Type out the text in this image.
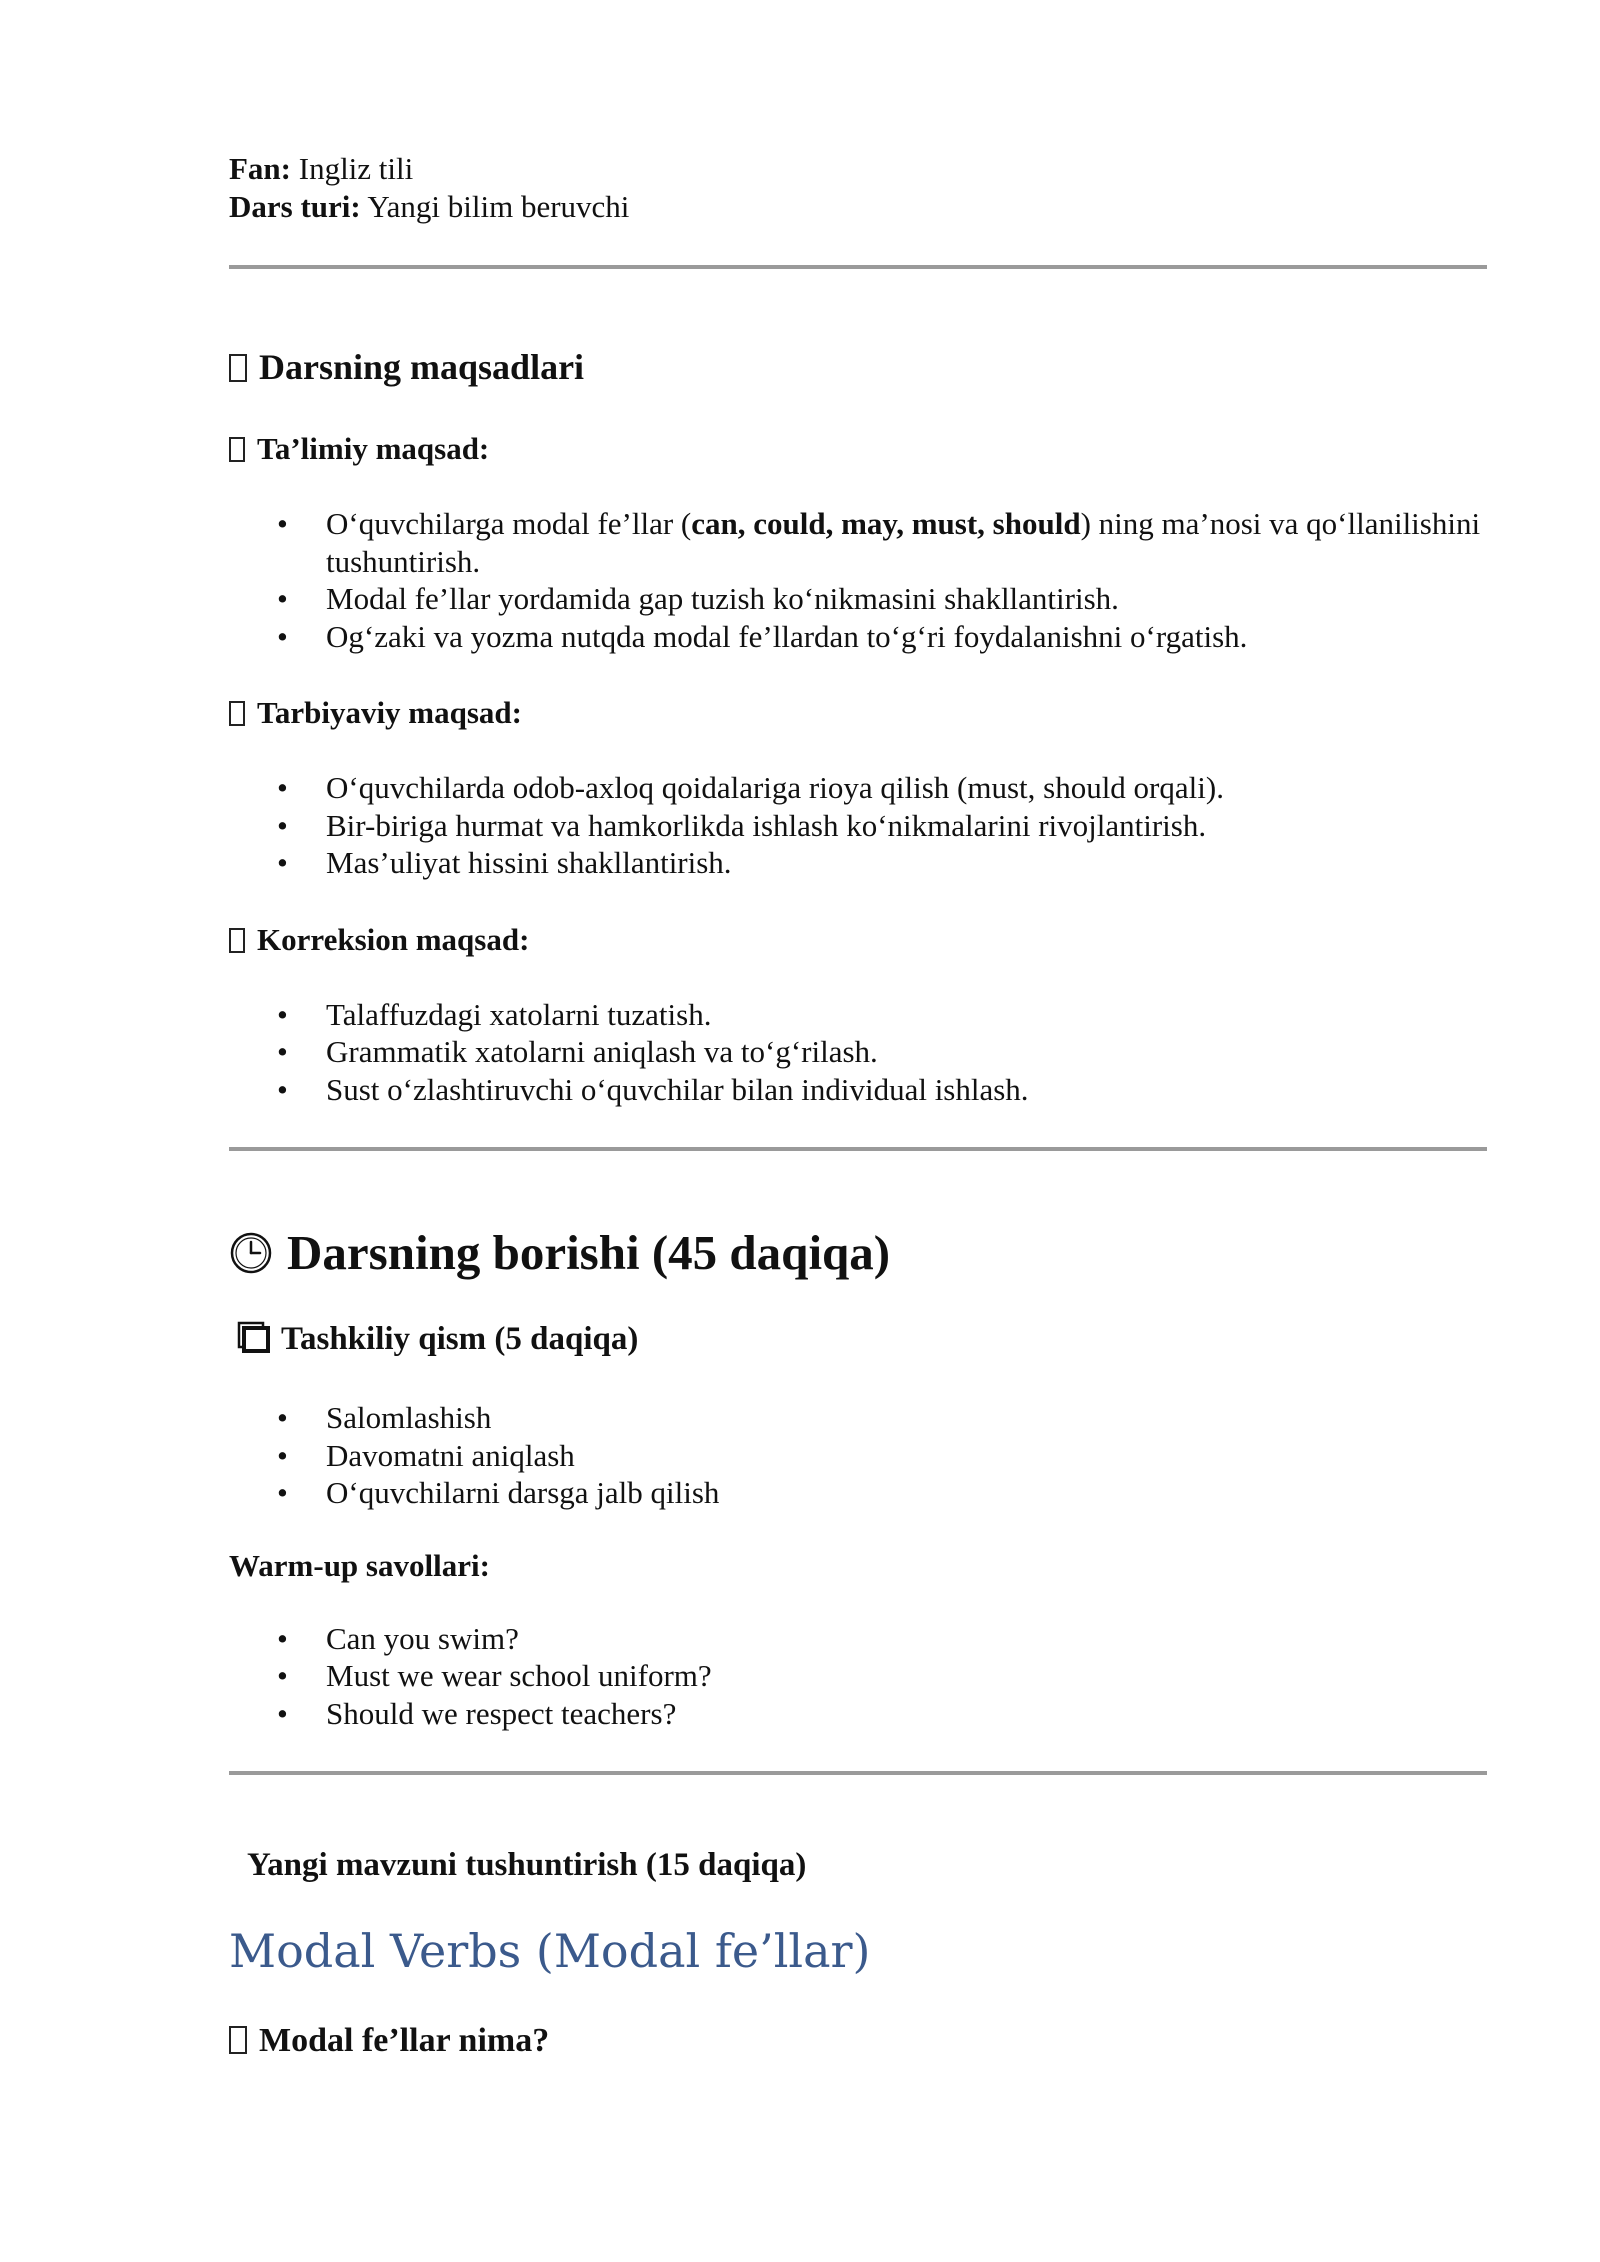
Fan: Ingliz tili
Dars turi: Yangi bilim beruvchi
Darsning maqsadlari
Ta’limiy maqsad:
• O‘quvchilarga modal fe’llar (can, could, may, must, should) ning ma’nosi va qo‘llanilishini tushuntirish.
• Modal fe’llar yordamida gap tuzish ko‘nikmasini shakllantirish.
• Og‘zaki va yozma nutqda modal fe’llardan to‘g‘ri foydalanishni o‘rgatish.
Tarbiyaviy maqsad:
• O‘quvchilarda odob-axloq qoidalariga rioya qilish (must, should orqali).
• Bir-biriga hurmat va hamkorlikda ishlash ko‘nikmalarini rivojlantirish.
• Mas’uliyat hissini shakllantirish.
Korreksion maqsad:
• Talaffuzdagi xatolarni tuzatish.
• Grammatik xatolarni aniqlash va to‘g‘rilash.
• Sust o‘zlashtiruvchi o‘quvchilar bilan individual ishlash.
Darsning borishi (45 daqiqa)
Tashkiliy qism (5 daqiqa)
• Salomlashish
• Davomatni aniqlash
• O‘quvchilarni darsga jalb qilish
Warm-up savollari:
• Can you swim?
• Must we wear school uniform?
• Should we respect teachers?
Yangi mavzuni tushuntirish (15 daqiqa)
Modal Verbs (Modal fe’llar)
Modal fe’llar nima?
